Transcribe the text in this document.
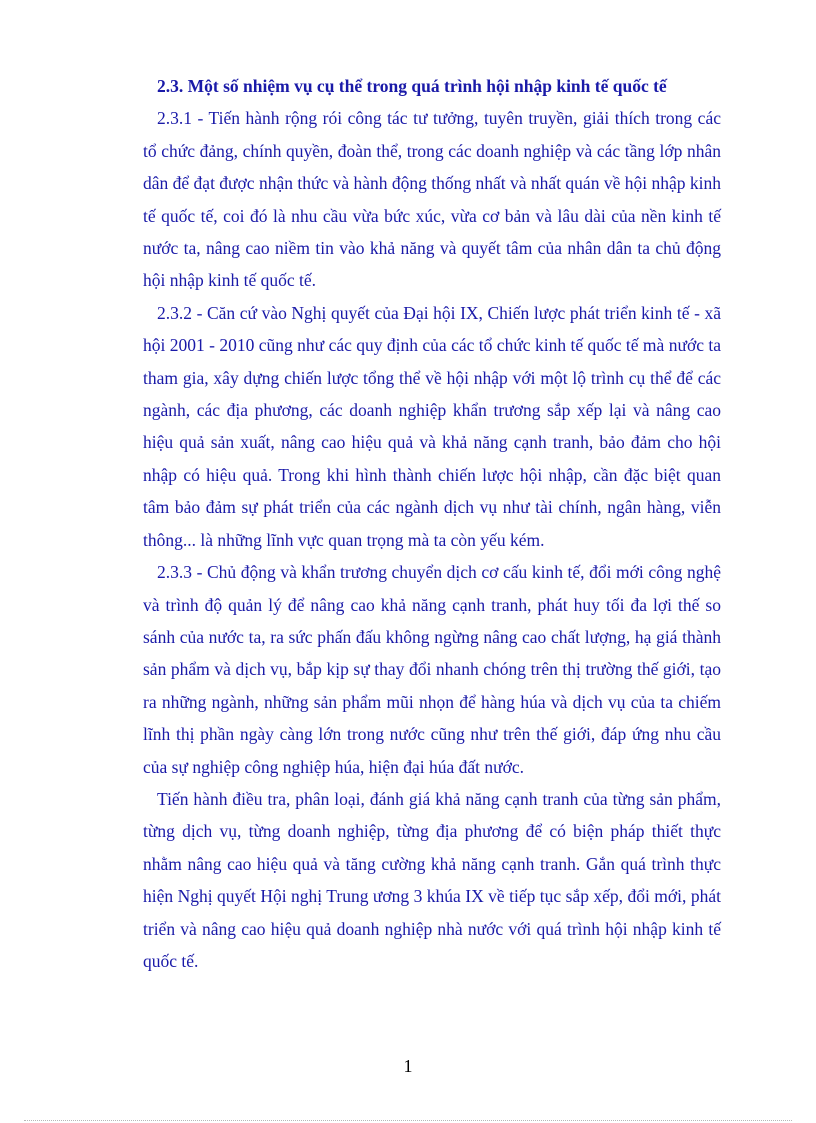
2.3. Một số nhiệm vụ cụ thể trong quá trình hội nhập kinh tế quốc tế

2.3.1 - Tiến hành rộng rói công tác tư tưởng, tuyên truyền, giải thích trong các tổ chức đảng, chính quyền, đoàn thể, trong các doanh nghiệp và các tầng lớp nhân dân để đạt được nhận thức và hành động thống nhất và nhất quán về hội nhập kinh tế quốc tế, coi đó là nhu cầu vừa bức xúc, vừa cơ bản và lâu dài của nền kinh tế nước ta, nâng cao niềm tin vào khả năng và quyết tâm của nhân dân ta chủ động hội nhập kinh tế quốc tế.

2.3.2 - Căn cứ vào Nghị quyết của Đại hội IX, Chiến lược phát triển kinh tế - xã hội 2001 - 2010 cũng như các quy định của các tổ chức kinh tế quốc tế mà nước ta tham gia, xây dựng chiến lược tổng thể về hội nhập với một lộ trình cụ thể để các ngành, các địa phương, các doanh nghiệp khẩn trương sắp xếp lại và nâng cao hiệu quả sản xuất, nâng cao hiệu quả và khả năng cạnh tranh, bảo đảm cho hội nhập có hiệu quả. Trong khi hình thành chiến lược hội nhập, cần đặc biệt quan tâm bảo đảm sự phát triển của các ngành dịch vụ như tài chính, ngân hàng, viễn thông... là những lĩnh vực quan trọng mà ta còn yếu kém.

2.3.3 - Chủ động và khẩn trương chuyển dịch cơ cấu kinh tế, đổi mới công nghệ và trình độ quản lý để nâng cao khả năng cạnh tranh, phát huy tối đa lợi thế so sánh của nước ta, ra sức phấn đấu không ngừng nâng cao chất lượng, hạ giá thành sản phẩm và dịch vụ, bắp kịp sự thay đổi nhanh chóng trên thị trường thế giới, tạo ra những ngành, những sản phẩm mũi nhọn để hàng húa và dịch vụ của ta chiếm lĩnh thị phần ngày càng lớn trong nước cũng như trên thế giới, đáp ứng nhu cầu của sự nghiệp công nghiệp húa, hiện đại húa đất nước.

Tiến hành điều tra, phân loại, đánh giá khả năng cạnh tranh của từng sản phẩm, từng dịch vụ, từng doanh nghiệp, từng địa phương để có biện pháp thiết thực nhằm nâng cao hiệu quả và tăng cường khả năng cạnh tranh. Gắn quá trình thực hiện Nghị quyết Hội nghị Trung ương 3 khúa IX về tiếp tục sắp xếp, đổi mới, phát triển và nâng cao hiệu quả doanh nghiệp nhà nước với quá trình hội nhập kinh tế quốc tế.

1
